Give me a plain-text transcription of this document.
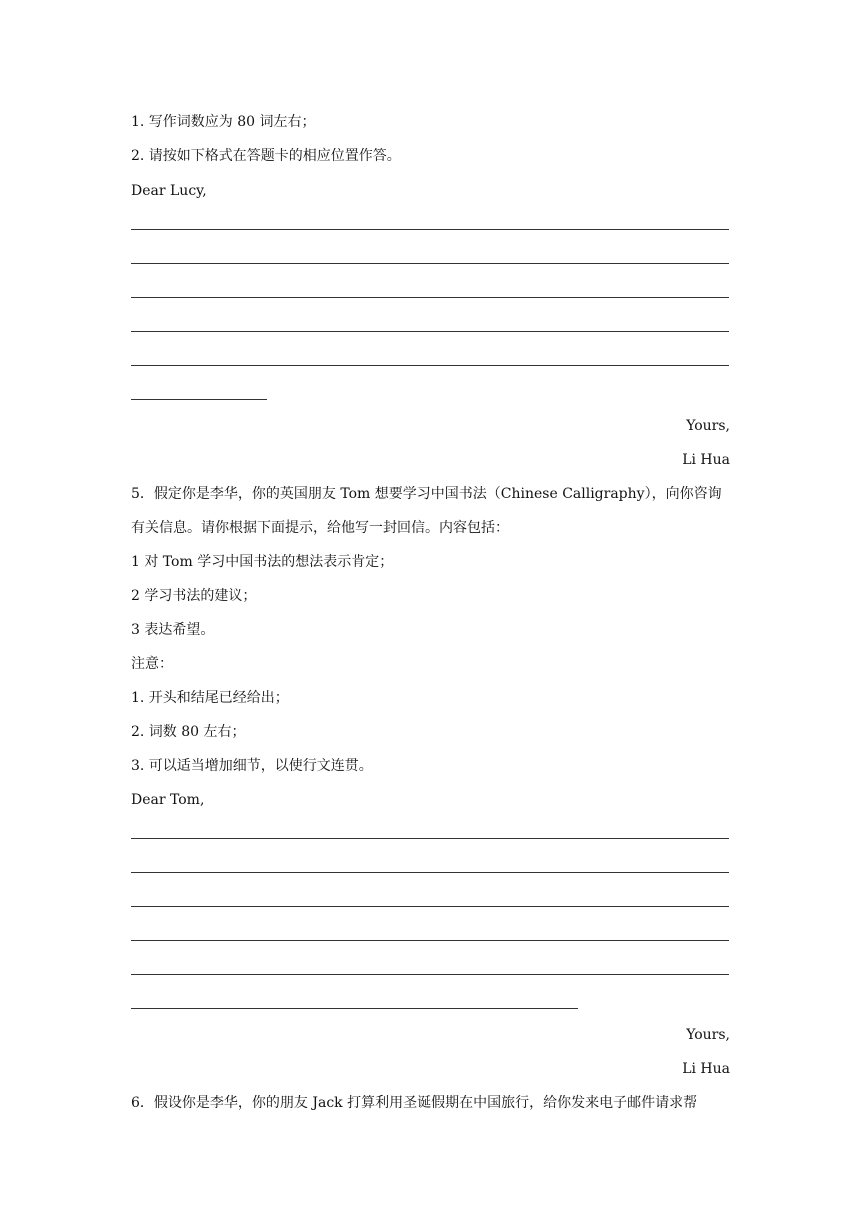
1. 写作词数应为 80 词左右；
2. 请按如下格式在答题卡的相应位置作答。
Dear Lucy,
Yours,
Li Hua
5．假定你是李华，你的英国朋友 Tom 想要学习中国书法（Chinese Calligraphy），向你咨询
有关信息。请你根据下面提示，给他写一封回信。内容包括：
1 对 Tom 学习中国书法的想法表示肯定；
2 学习书法的建议；
3 表达希望。
注意：
1. 开头和结尾已经给出；
2. 词数 80 左右；
3. 可以适当增加细节，以使行文连贯。
Dear Tom,
Yours,
Li Hua
6．假设你是李华，你的朋友 Jack 打算利用圣诞假期在中国旅行，给你发来电子邮件请求帮
